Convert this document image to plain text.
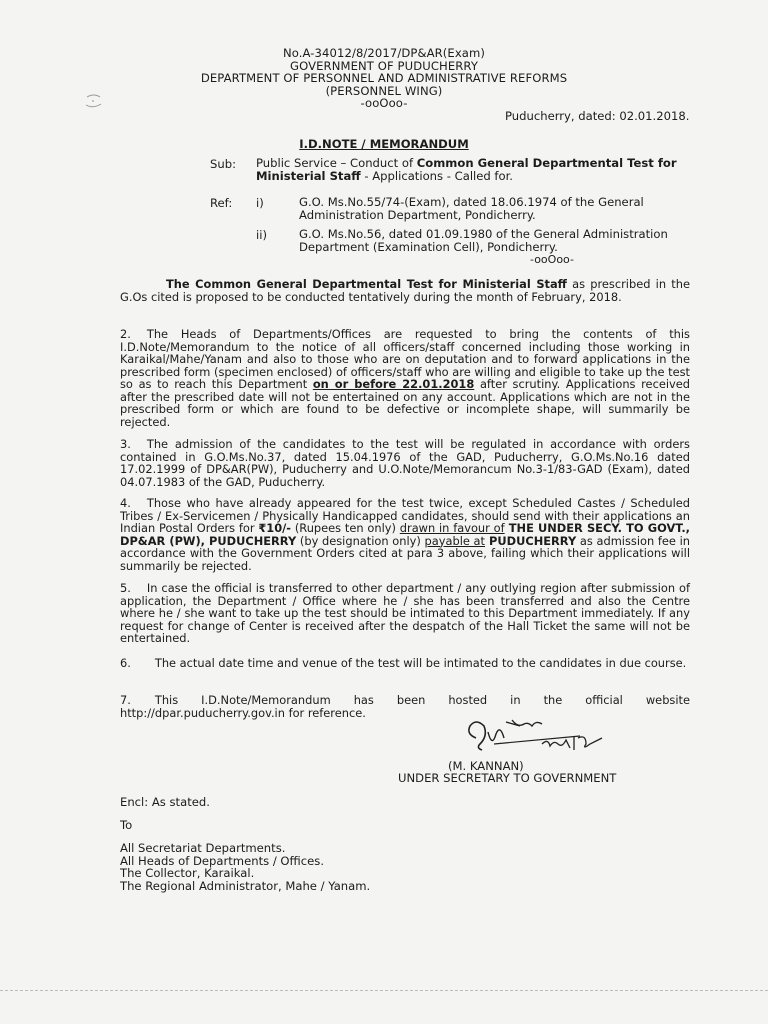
No.A-34012/8/2017/DP&AR(Exam)
GOVERNMENT OF PUDUCHERRY
DEPARTMENT OF PERSONNEL AND ADMINISTRATIVE REFORMS
(PERSONNEL WING)
-ooOoo-
Puducherry, dated: 02.01.2018.
I.D.NOTE / MEMORANDUM
Sub: Public Service – Conduct of Common General Departmental Test for Ministerial Staff - Applications - Called for.
Ref: i)	G.O. Ms.No.55/74-(Exam), dated 18.06.1974 of the General Administration Department, Pondicherry.
ii)	G.O. Ms.No.56, dated 01.09.1980 of the General Administration Department (Examination Cell), Pondicherry.
-ooOoo-
The Common General Departmental Test for Ministerial Staff as prescribed in the G.Os cited is proposed to be conducted tentatively during the month of February, 2018.
2. The Heads of Departments/Offices are requested to bring the contents of this I.D.Note/Memorandum to the notice of all officers/staff concerned including those working in Karaikal/Mahe/Yanam and also to those who are on deputation and to forward applications in the prescribed form (specimen enclosed) of officers/staff who are willing and eligible to take up the test so as to reach this Department on or before 22.01.2018 after scrutiny. Applications received after the prescribed date will not be entertained on any account. Applications which are not in the prescribed form or which are found to be defective or incomplete shape, will summarily be rejected.
3. The admission of the candidates to the test will be regulated in accordance with orders contained in G.O.Ms.No.37, dated 15.04.1976 of the GAD, Puducherry, G.O.Ms.No.16 dated 17.02.1999 of DP&AR(PW), Puducherry and U.O.Note/Memorancum No.3-1/83-GAD (Exam), dated 04.07.1983 of the GAD, Puducherry.
4. Those who have already appeared for the test twice, except Scheduled Castes / Scheduled Tribes / Ex-Servicemen / Physically Handicapped candidates, should send with their applications an Indian Postal Orders for ₹10/- (Rupees ten only) drawn in favour of THE UNDER SECY. TO GOVT., DP&AR (PW), PUDUCHERRY (by designation only) payable at PUDUCHERRY as admission fee in accordance with the Government Orders cited at para 3 above, failing which their applications will summarily be rejected.
5. In case the official is transferred to other department / any outlying region after submission of application, the Department / Office where he / she has been transferred and also the Centre where he / she want to take up the test should be intimated to this Department immediately. If any request for change of Center is received after the despatch of the Hall Ticket the same will not be entertained.
6. The actual date time and venue of the test will be intimated to the candidates in due course.
7. This I.D.Note/Memorandum has been hosted in the official website http://dpar.puducherry.gov.in for reference.
(M. KANNAN)
UNDER SECRETARY TO GOVERNMENT
Encl: As stated.
To
All Secretariat Departments.
All Heads of Departments / Offices.
The Collector, Karaikal.
The Regional Administrator, Mahe / Yanam.
